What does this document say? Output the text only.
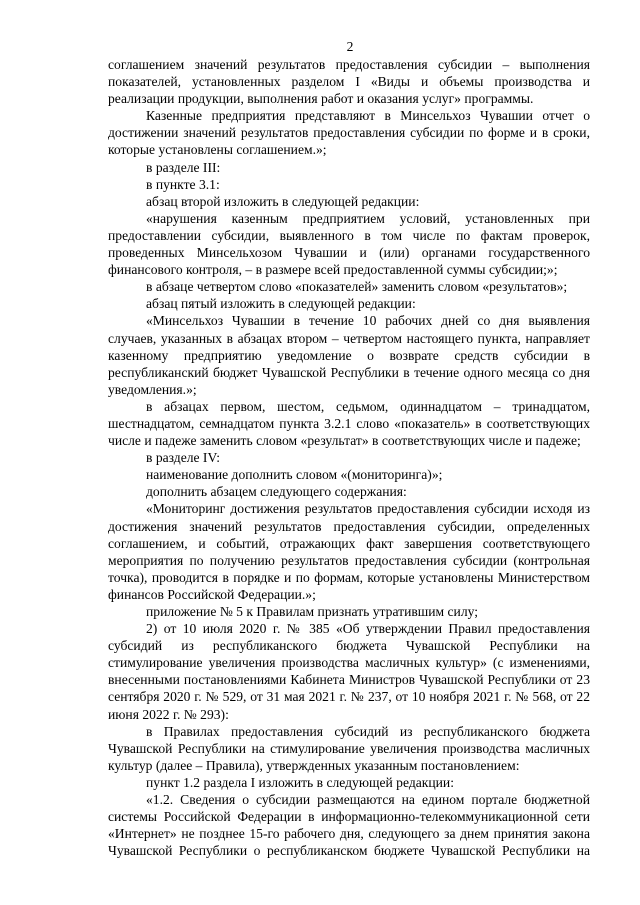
2

соглашением значений результатов предоставления субсидии – выполнения показателей, установленных разделом I «Виды и объемы производства и реализации продукции, выполнения работ и оказания услуг» программы.

Казенные предприятия представляют в Минсельхоз Чувашии отчет о достижении значений результатов предоставления субсидии по форме и в сроки, которые установлены соглашением.»;

в разделе III:

в пункте 3.1:

абзац второй изложить в следующей редакции:

«нарушения казенным предприятием условий, установленных при предоставлении субсидии, выявленного в том числе по фактам проверок, проведенных Минсельхозом Чувашии и (или) органами государственного финансового контроля, – в размере всей предоставленной суммы субсидии;»;

в абзаце четвертом слово «показателей» заменить словом «результатов»;

абзац пятый изложить в следующей редакции:

«Минсельхоз Чувашии в течение 10 рабочих дней со дня выявления случаев, указанных в абзацах втором – четвертом настоящего пункта, направляет казенному предприятию уведомление о возврате средств субсидии в республиканский бюджет Чувашской Республики в течение одного месяца со дня уведомления.»;

в абзацах первом, шестом, седьмом, одиннадцатом – тринадцатом, шестнадцатом, семнадцатом пункта 3.2.1 слово «показатель» в соответствующих числе и падеже заменить словом «результат» в соответствующих числе и падеже;

в разделе IV:

наименование дополнить словом «(мониторинга)»;

дополнить абзацем следующего содержания:

«Мониторинг достижения результатов предоставления субсидии исходя из достижения значений результатов предоставления субсидии, определенных соглашением, и событий, отражающих факт завершения соответствующего мероприятия по получению результатов предоставления субсидии (контрольная точка), проводится в порядке и по формам, которые установлены Министерством финансов Российской Федерации.»;

приложение № 5 к Правилам признать утратившим силу;

2) от 10 июля 2020 г. № 385 «Об утверждении Правил предоставления субсидий из республиканского бюджета Чувашской Республики на стимулирование увеличения производства масличных культур» (с изменениями, внесенными постановлениями Кабинета Министров Чувашской Республики от 23 сентября 2020 г. № 529, от 31 мая 2021 г. № 237, от 10 ноября 2021 г. № 568, от 22 июня 2022 г. № 293):

в Правилах предоставления субсидий из республиканского бюджета Чувашской Республики на стимулирование увеличения производства масличных культур (далее – Правила), утвержденных указанным постановлением:

пункт 1.2 раздела I изложить в следующей редакции:

«1.2. Сведения о субсидии размещаются на едином портале бюджетной системы Российской Федерации в информационно-телекоммуникационной сети «Интернет» не позднее 15-го рабочего дня, следующего за днем принятия закона Чувашской Республики о республиканском бюджете Чувашской Республики на
